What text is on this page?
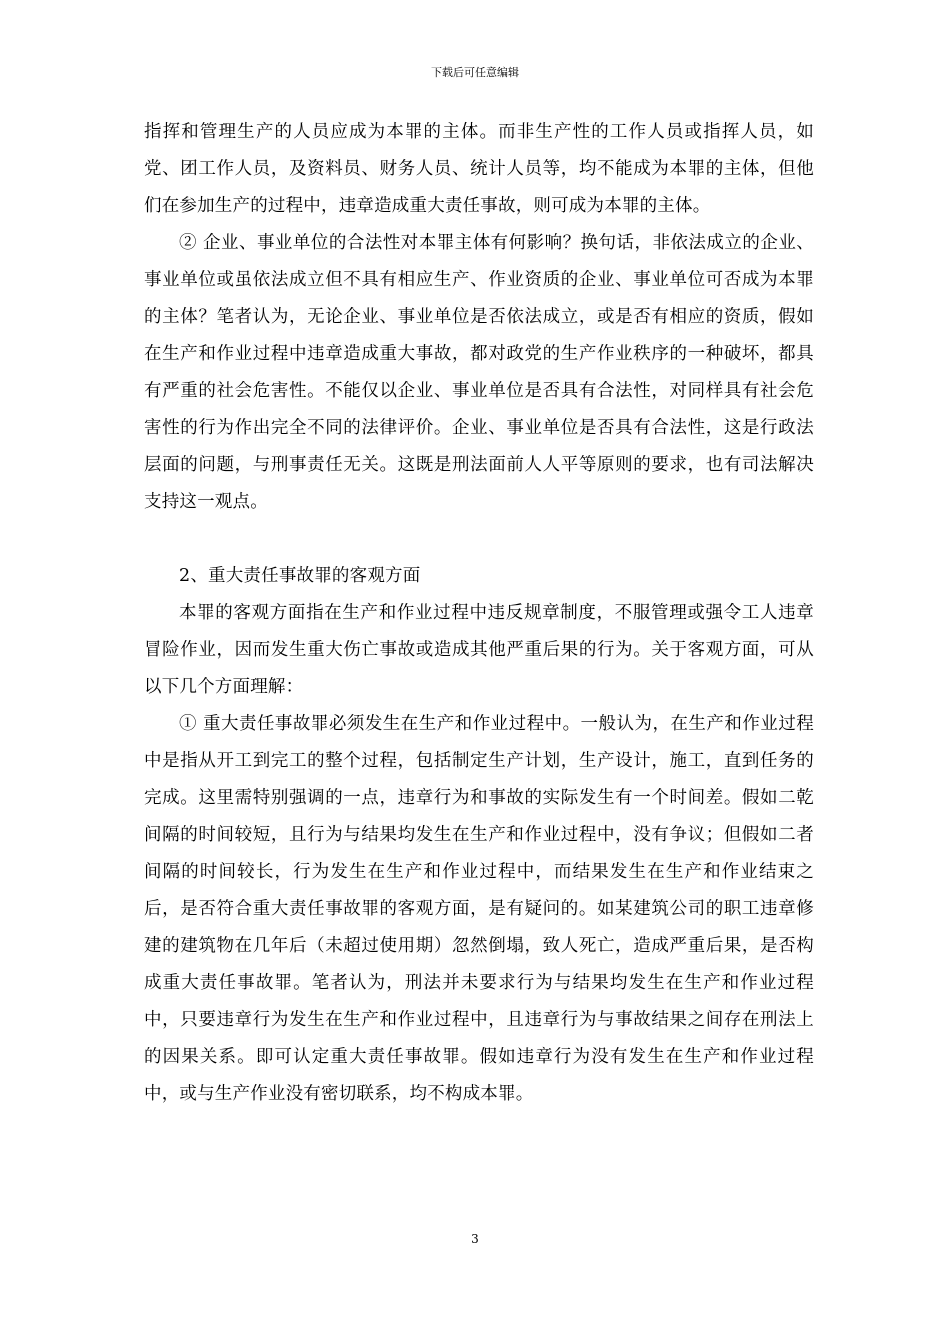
下载后可任意编辑

指挥和管理生产的人员应成为本罪的主体。而非生产性的工作人员或指挥人员，如党、团工作人员，及资料员、财务人员、统计人员等，均不能成为本罪的主体，但他们在参加生产的过程中，违章造成重大责任事故，则可成为本罪的主体。

② 企业、事业单位的合法性对本罪主体有何影响？换句话，非依法成立的企业、事业单位或虽依法成立但不具有相应生产、作业资质的企业、事业单位可否成为本罪的主体？笔者认为，无论企业、事业单位是否依法成立，或是否有相应的资质，假如在生产和作业过程中违章造成重大事故，都对政党的生产作业秩序的一种破坏，都具有严重的社会危害性。不能仅以企业、事业单位是否具有合法性，对同样具有社会危害性的行为作出完全不同的法律评价。企业、事业单位是否具有合法性，这是行政法层面的问题，与刑事责任无关。这既是刑法面前人人平等原则的要求，也有司法解决支持这一观点。

2、重大责任事故罪的客观方面

本罪的客观方面指在生产和作业过程中违反规章制度，不服管理或强令工人违章冒险作业，因而发生重大伤亡事故或造成其他严重后果的行为。关于客观方面，可从以下几个方面理解：

① 重大责任事故罪必须发生在生产和作业过程中。一般认为，在生产和作业过程中是指从开工到完工的整个过程，包括制定生产计划，生产设计，施工，直到任务的完成。这里需特别强调的一点，违章行为和事故的实际发生有一个时间差。假如二乾间隔的时间较短，且行为与结果均发生在生产和作业过程中，没有争议；但假如二者间隔的时间较长，行为发生在生产和作业过程中，而结果发生在生产和作业结束之后，是否符合重大责任事故罪的客观方面，是有疑问的。如某建筑公司的职工违章修建的建筑物在几年后（未超过使用期）忽然倒塌，致人死亡，造成严重后果，是否构成重大责任事故罪。笔者认为，刑法并未要求行为与结果均发生在生产和作业过程中，只要违章行为发生在生产和作业过程中，且违章行为与事故结果之间存在刑法上的因果关系。即可认定重大责任事故罪。假如违章行为没有发生在生产和作业过程中，或与生产作业没有密切联系，均不构成本罪。

3
